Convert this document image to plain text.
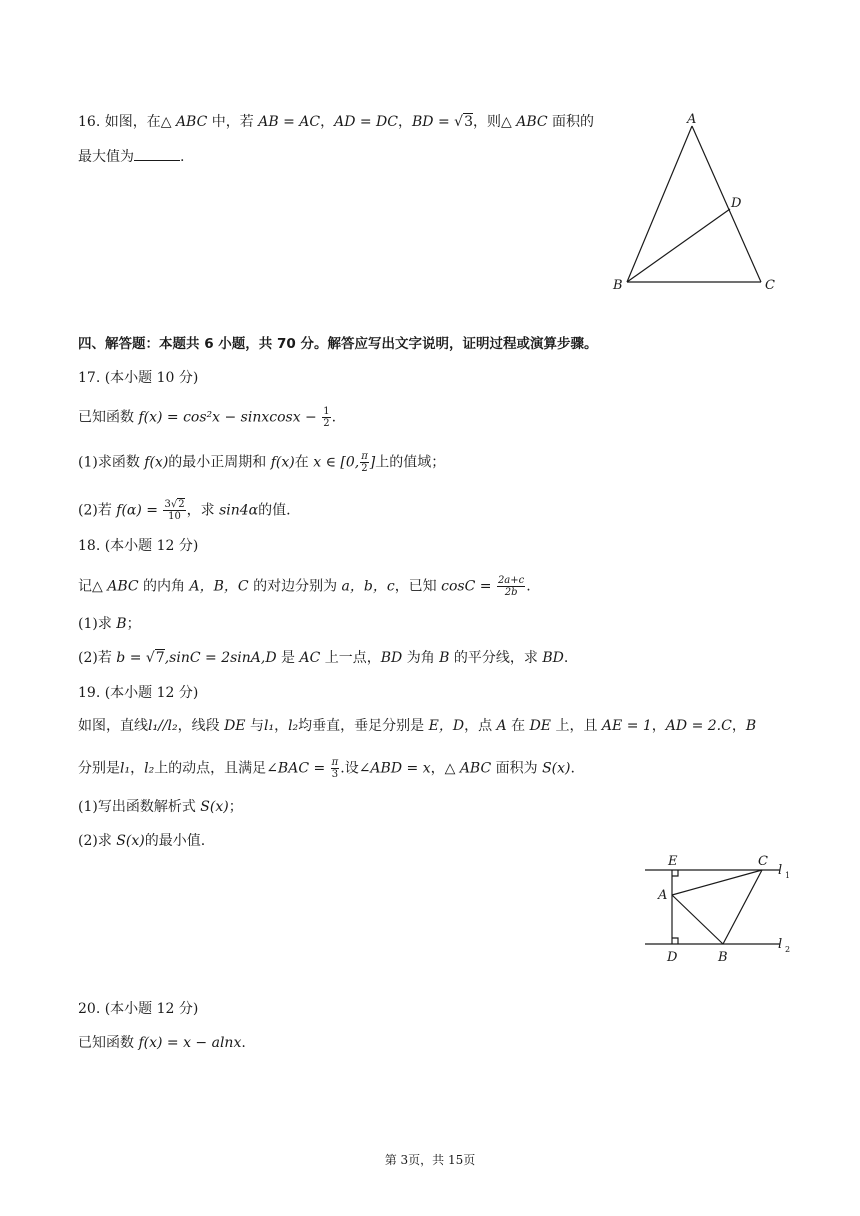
16. 如图，在△ ABC 中，若 AB = AC，AD = DC，BD = √3，则△ ABC 面积的
最大值为	.
A
B	C
D
四、解答题：本题共 6 小题，共 70 分。解答应写出文字说明，证明过程或演算步骤。
17. (本小题 10 分)
已知函数 f(x) = cos²x − sinxcosx − $\frac{1}{2}$ .
(1)求函数 f(x)的最小正周期和 f(x)在 x ∈ [0, $\frac{\pi}{2}$ ]上的值域；
(2)若 $f(\alpha) = \frac{3√2}{10}$ ，求 sin4α的值.
18. (本小题 12 分)
记△ ABC 的内角 A，B，C 的对边分别为 a，b，c，已知 $\cos C = \frac{2a+c}{2b}$ .
(1)求 B；
(2)若 b = √7,sinC = 2sinA,D 是 AC 上一点，BD 为角 B 的平分线，求 BD.
19. (本小题 12 分)
如图，直线l₁//l₂，线段 DE 与l₁，l₂均垂直，垂足分别是 E，D，点 A 在 DE 上，且 AE = 1，AD = 2.C，B
分别是l₁，l₂上的动点，且满足∠BAC = $\frac{\pi}{3}$ .设∠ABD = x，△ ABC 面积为 S(x).
(1)写出函数解析式 S(x)；
(2)求 S(x)的最小值.
E	C
l 1
A
D	B
l 2
20. (本小题 12 分)
已知函数 f(x) = x − alnx.
第 3页，共 15页
